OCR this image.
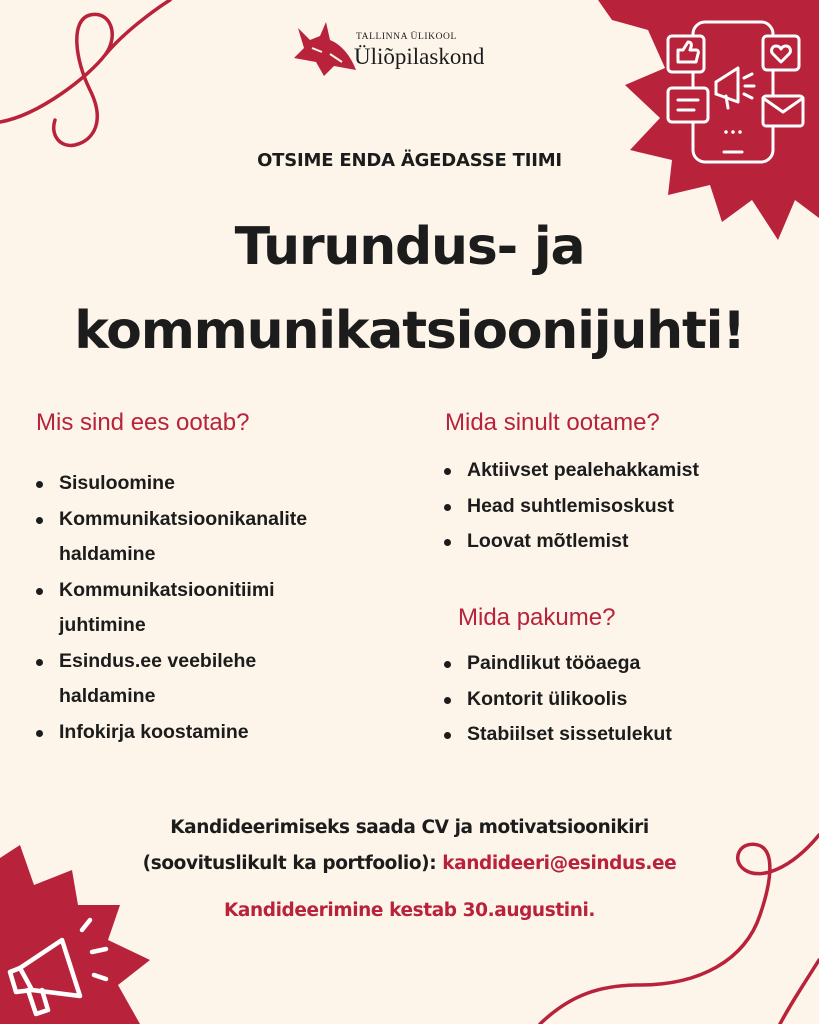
TALLINNA ÜLIKOOL
Üliõpilaskond
OTSIME ENDA ÄGEDASSE TIIMI
Turundus- ja
kommunikatsioonijuhti!
Mis sind ees ootab?
Sisuloomine
Kommunikatsioonikanalite
haldamine
Kommunikatsioonitiimi
juhtimine
Esindus.ee veebilehe
haldamine
Infokirja koostamine
Mida sinult ootame?
Aktiivset pealehakkamist
Head suhtlemisoskust
Loovat mõtlemist
Mida pakume?
Paindlikut tööaega
Kontorit ülikoolis
Stabiilset sissetulekut
Kandideerimiseks saada CV ja motivatsioonikiri
(soovituslikult ka portfoolio): kandideeri@esindus.ee
Kandideerimine kestab 30.augustini.
